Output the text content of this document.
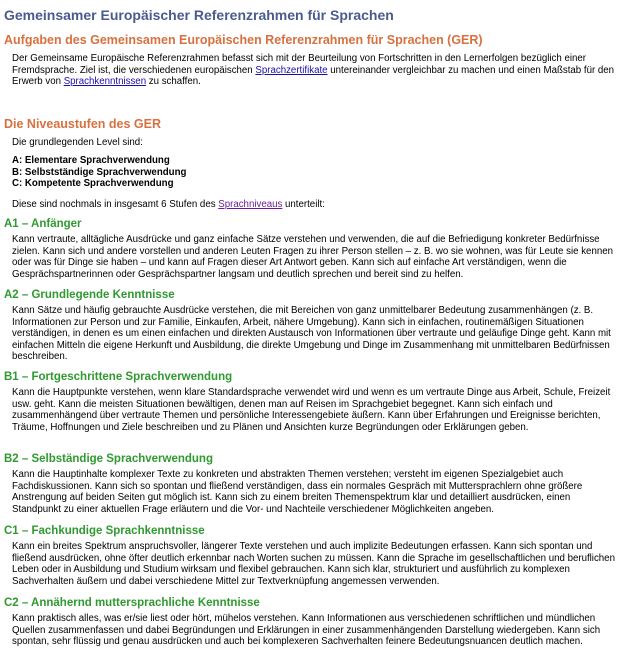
Gemeinsamer Europäischer Referenzrahmen für Sprachen
Aufgaben des Gemeinsamen Europäischen Referenzrahmen für Sprachen (GER)

Der Gemeinsame Europäische Referenzrahmen befasst sich mit der Beurteilung von Fortschritten in den Lernerfolgen bezüglich einer Fremdsprache. Ziel ist, die verschiedenen europäischen Sprachzertifikate untereinander vergleichbar zu machen und einen Maßstab für den Erwerb von Sprachkenntnissen zu schaffen.

Die Niveaustufen des GER

Die grundlegenden Level sind:

A: Elementare Sprachverwendung
B: Selbstständige Sprachverwendung
C: Kompetente Sprachverwendung

Diese sind nochmals in insgesamt 6 Stufen des Sprachniveaus unterteilt:

A1 – Anfänger

Kann vertraute, alltägliche Ausdrücke und ganz einfache Sätze verstehen und verwenden, die auf die Befriedigung konkreter Bedürfnisse zielen. Kann sich und andere vorstellen und anderen Leuten Fragen zu ihrer Person stellen – z. B. wo sie wohnen, was für Leute sie kennen oder was für Dinge sie haben – und kann auf Fragen dieser Art Antwort geben. Kann sich auf einfache Art verständigen, wenn die Gesprächspartnerinnen oder Gesprächspartner langsam und deutlich sprechen und bereit sind zu helfen.

A2 – Grundlegende Kenntnisse

Kann Sätze und häufig gebrauchte Ausdrücke verstehen, die mit Bereichen von ganz unmittelbarer Bedeutung zusammenhängen (z. B. Informationen zur Person und zur Familie, Einkaufen, Arbeit, nähere Umgebung). Kann sich in einfachen, routinemäßigen Situationen verständigen, in denen es um einen einfachen und direkten Austausch von Informationen über vertraute und geläufige Dinge geht. Kann mit einfachen Mitteln die eigene Herkunft und Ausbildung, die direkte Umgebung und Dinge im Zusammenhang mit unmittelbaren Bedürfnissen beschreiben.

B1 – Fortgeschrittene Sprachverwendung

Kann die Hauptpunkte verstehen, wenn klare Standardsprache verwendet wird und wenn es um vertraute Dinge aus Arbeit, Schule, Freizeit usw. geht. Kann die meisten Situationen bewältigen, denen man auf Reisen im Sprachgebiet begegnet. Kann sich einfach und zusammenhängend über vertraute Themen und persönliche Interessengebiete äußern. Kann über Erfahrungen und Ereignisse berichten, Träume, Hoffnungen und Ziele beschreiben und zu Plänen und Ansichten kurze Begründungen oder Erklärungen geben.

B2 – Selbständige Sprachverwendung

Kann die Hauptinhalte komplexer Texte zu konkreten und abstrakten Themen verstehen; versteht im eigenen Spezialgebiet auch Fachdiskussionen. Kann sich so spontan und fließend verständigen, dass ein normales Gespräch mit Muttersprachlern ohne größere Anstrengung auf beiden Seiten gut möglich ist. Kann sich zu einem breiten Themenspektrum klar und detailliert ausdrücken, einen Standpunkt zu einer aktuellen Frage erläutern und die Vor- und Nachteile verschiedener Möglichkeiten angeben.

C1 – Fachkundige Sprachkenntnisse

Kann ein breites Spektrum anspruchsvoller, längerer Texte verstehen und auch implizite Bedeutungen erfassen. Kann sich spontan und fließend ausdrücken, ohne öfter deutlich erkennbar nach Worten suchen zu müssen. Kann die Sprache im gesellschaftlichen und beruflichen Leben oder in Ausbildung und Studium wirksam und flexibel gebrauchen. Kann sich klar, strukturiert und ausführlich zu komplexen Sachverhalten äußern und dabei verschiedene Mittel zur Textverknüpfung angemessen verwenden.

C2 – Annähernd muttersprachliche Kenntnisse

Kann praktisch alles, was er/sie liest oder hört, mühelos verstehen. Kann Informationen aus verschiedenen schriftlichen und mündlichen Quellen zusammenfassen und dabei Begründungen und Erklärungen in einer zusammenhängenden Darstellung wiedergeben. Kann sich spontan, sehr flüssig und genau ausdrücken und auch bei komplexeren Sachverhalten feinere Bedeutungsnuancen deutlich machen.
